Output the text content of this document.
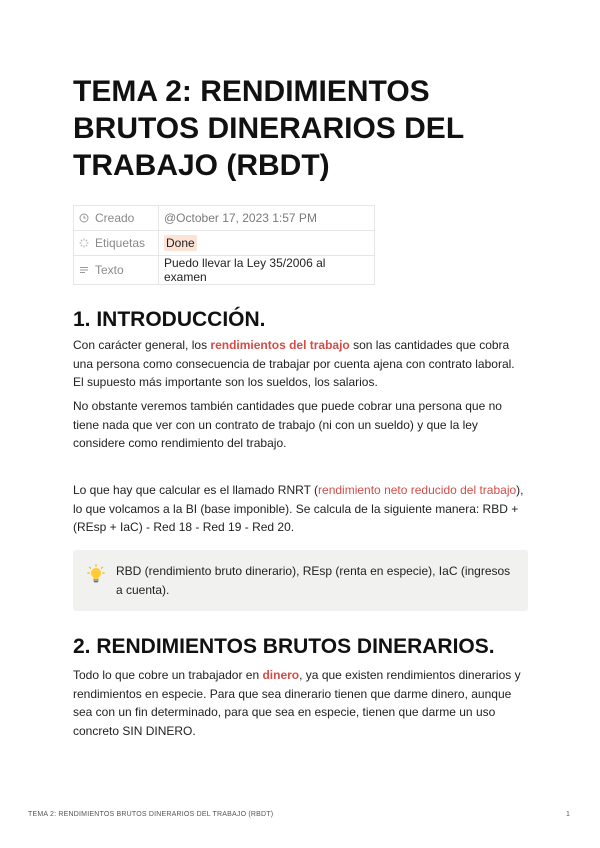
TEMA 2: RENDIMIENTOS BRUTOS DINERARIOS DEL TRABAJO (RBDT)
Creado	@October 17, 2023 1:57 PM
Etiquetas	Done
Texto	Puedo llevar la Ley 35/2006 al examen
1. INTRODUCCIÓN.

Con carácter general, los rendimientos del trabajo son las cantidades que cobra una persona como consecuencia de trabajar por cuenta ajena con contrato laboral. El supuesto más importante son los sueldos, los salarios.

No obstante veremos también cantidades que puede cobrar una persona que no tiene nada que ver con un contrato de trabajo (ni con un sueldo) y que la ley considere como rendimiento del trabajo.

Lo que hay que calcular es el llamado RNRT (rendimiento neto reducido del trabajo), lo que volcamos a la BI (base imponible). Se calcula de la siguiente manera: RBD + (REsp + IaC) - Red 18 - Red 19 - Red 20.

RBD (rendimiento bruto dinerario), REsp (renta en especie), IaC (ingresos a cuenta).
2. RENDIMIENTOS BRUTOS DINERARIOS.

Todo lo que cobre un trabajador en dinero, ya que existen rendimientos dinerarios y rendimientos en especie. Para que sea dinerario tienen que darme dinero, aunque sea con un fin determinado, para que sea en especie, tienen que darme un uso concreto SIN DINERO.

TEMA 2: RENDIMIENTOS BRUTOS DINERARIOS DEL TRABAJO (RBDT)	1
